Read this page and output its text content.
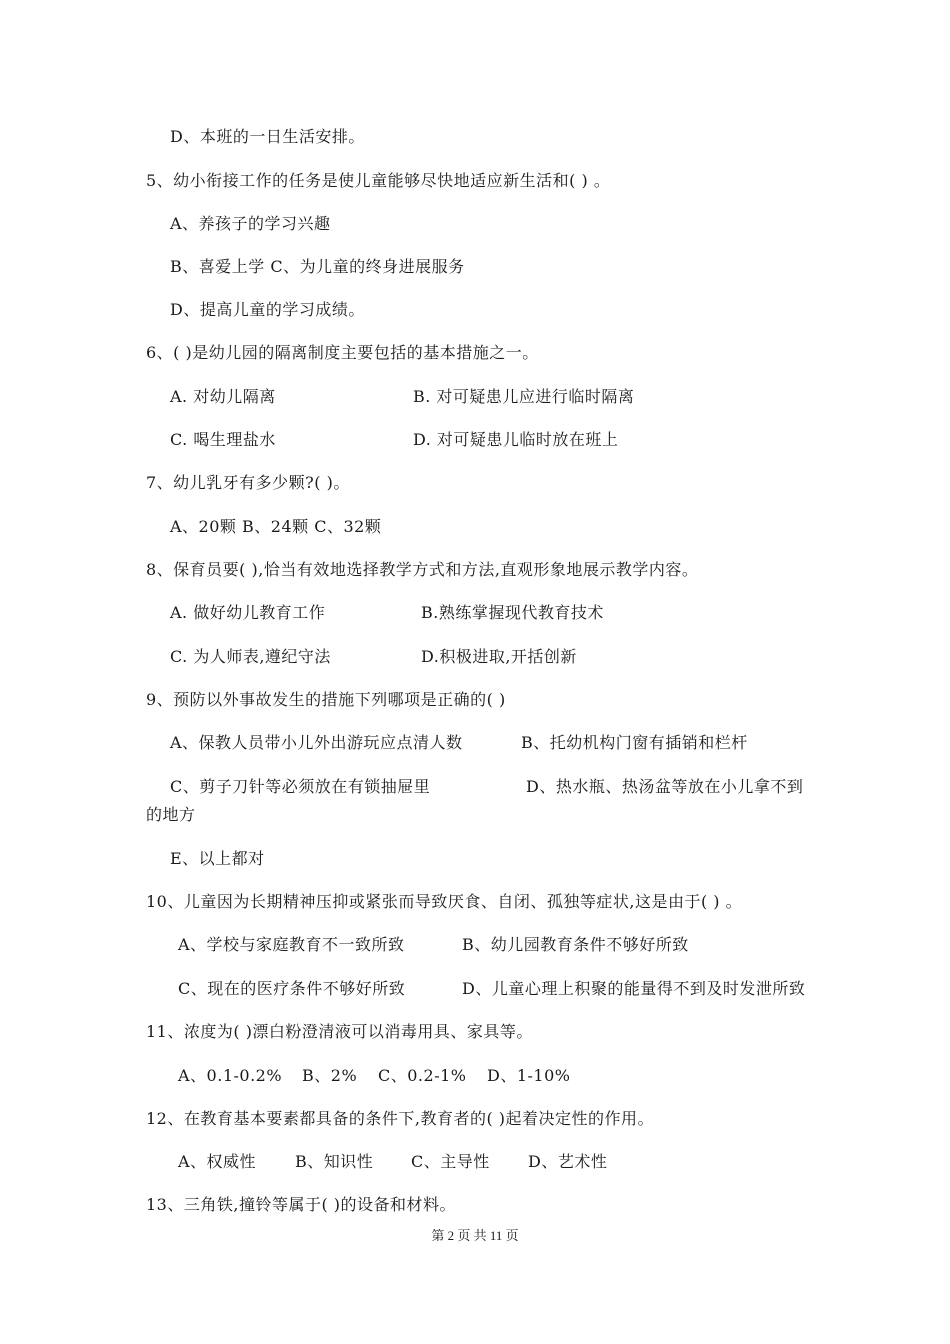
D、本班的一日生活安排。
5、幼小衔接工作的任务是使儿童能够尽快地适应新生活和( ) 。
A、养孩子的学习兴趣
B、喜爱上学 C、为儿童的终身进展服务
D、提高儿童的学习成绩。
6、( )是幼儿园的隔离制度主要包括的基本措施之一。
A. 对幼儿隔离	B. 对可疑患儿应进行临时隔离
C. 喝生理盐水	D. 对可疑患儿临时放在班上
7、幼儿乳牙有多少颗?( )。
A、20颗 B、24颗 C、32颗
8、保育员要( ),恰当有效地选择教学方式和方法,直观形象地展示教学内容。
A. 做好幼儿教育工作	B.熟练掌握现代教育技术
C. 为人师表,遵纪守法	D.积极进取,开括创新
9、预防以外事故发生的措施下列哪项是正确的( )
A、保教人员带小儿外出游玩应点清人数	B、托幼机构门窗有插销和栏杆
C、剪子刀针等必须放在有锁抽屉里	D、热水瓶、热汤盆等放在小儿拿不到
的地方
E、以上都对
10、儿童因为长期精神压抑或紧张而导致厌食、自闭、孤独等症状,这是由于( ) 。
A、学校与家庭教育不一致所致	B、幼儿园教育条件不够好所致
C、现在的医疗条件不够好所致	D、儿童心理上积聚的能量得不到及时发泄所致
11、浓度为( )漂白粉澄清液可以消毒用具、家具等。
A、0.1-0.2% B、2% C、0.2-1% D、1-10%
12、在教育基本要素都具备的条件下,教育者的( )起着决定性的作用。
A、权威性 B、知识性 C、主导性 D、艺术性
13、三角铁,撞铃等属于( )的设备和材料。
第 2 页 共 11 页
